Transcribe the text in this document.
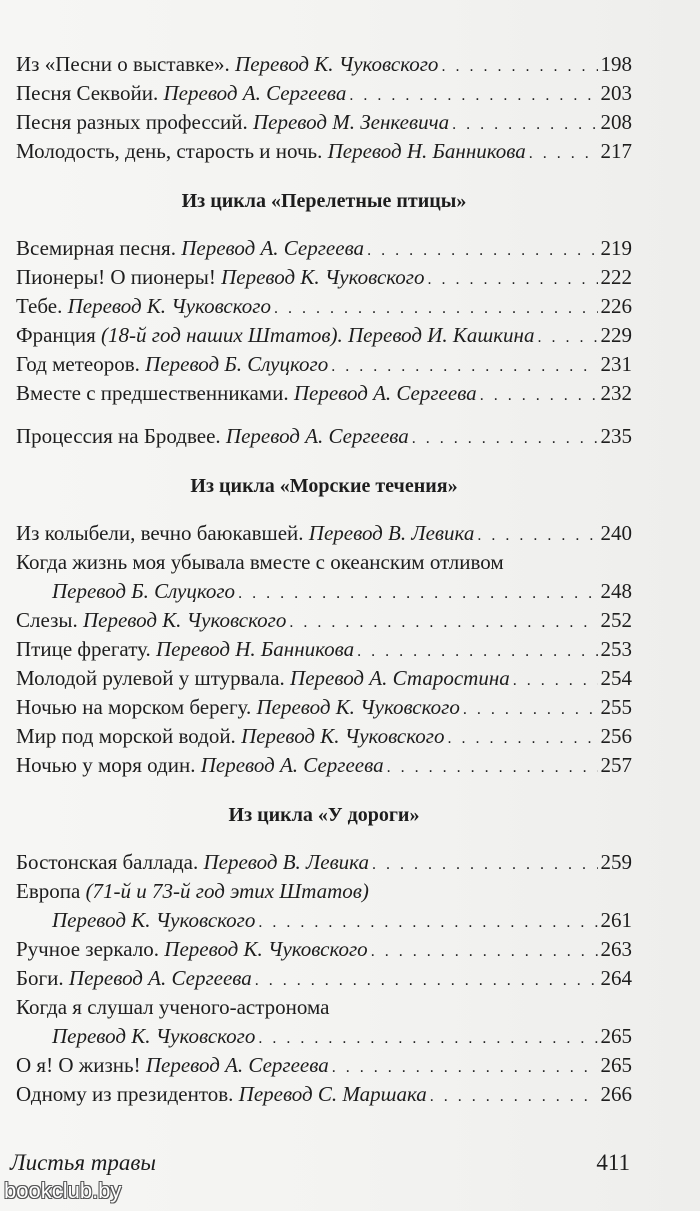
Из «Песни о выставке». Перевод К. Чуковского . . .	198
Песня Секвойи. Перевод А. Сергеева . . .	203
Песня разных профессий. Перевод М. Зенкевича . . .	208
Молодость, день, старость и ночь. Перевод Н. Банникова . . .	217
Из цикла «Перелетные птицы»
Всемирная песня. Перевод А. Сергеева . . .	219
Пионеры! О пионеры! Перевод К. Чуковского . . .	222
Тебе. Перевод К. Чуковского . . .	226
Франция (18-й год наших Штатов). Перевод И. Кашкина . . .	229
Год метеоров. Перевод Б. Слуцкого . . .	231
Вместе с предшественниками. Перевод А. Сергеева . . .	232
Процессия на Бродвее. Перевод А. Сергеева . . .	235
Из цикла «Морские течения»
Из колыбели, вечно баюкавшей. Перевод В. Левика . . .	240
Когда жизнь моя убывала вместе с океанским отливом
Перевод Б. Слуцкого . . .	248
Слезы. Перевод К. Чуковского . . .	252
Птице фрегату. Перевод Н. Банникова . . .	253
Молодой рулевой у штурвала. Перевод А. Старостина . . .	254
Ночью на морском берегу. Перевод К. Чуковского . . .	255
Мир под морской водой. Перевод К. Чуковского . . .	256
Ночью у моря один. Перевод А. Сергеева . . .	257
Из цикла «У дороги»
Бостонская баллада. Перевод В. Левика . . .	259
Европа (71-й и 73-й год этих Штатов)
Перевод К. Чуковского . . .	261
Ручное зеркало. Перевод К. Чуковского . . .	263
Боги. Перевод А. Сергеева . . .	264
Когда я слушал ученого-астронома
Перевод К. Чуковского . . .	265
О я! О жизнь! Перевод А. Сергеева . . .	265
Одному из президентов. Перевод С. Маршака . . .	266
Листья травы	411
bookclub.by
